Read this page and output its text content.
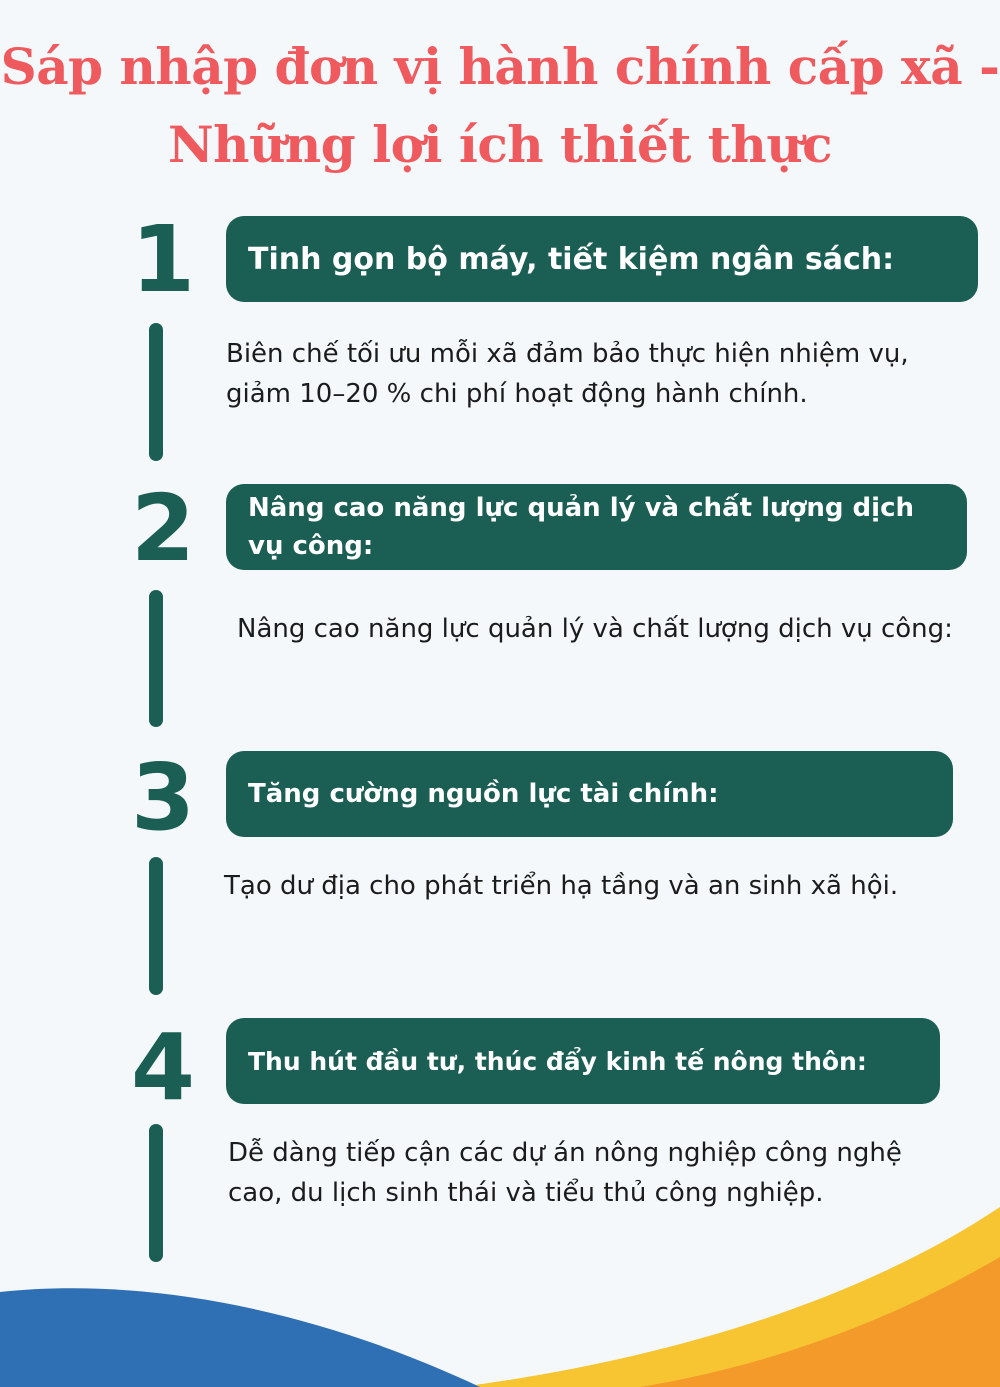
Sáp nhập đơn vị hành chính cấp xã -
Những lợi ích thiết thực
1	Tinh gọn bộ máy, tiết kiệm ngân sách:
Biên chế tối ưu mỗi xã đảm bảo thực hiện nhiệm vụ, giảm 10–20 % chi phí hoạt động hành chính.
2	Nâng cao năng lực quản lý và chất lượng dịch vụ công:
Nâng cao năng lực quản lý và chất lượng dịch vụ công:
3	Tăng cường nguồn lực tài chính:
Tạo dư địa cho phát triển hạ tầng và an sinh xã hội.
4	Thu hút đầu tư, thúc đẩy kinh tế nông thôn:
Dễ dàng tiếp cận các dự án nông nghiệp công nghệ cao, du lịch sinh thái và tiểu thủ công nghiệp.
